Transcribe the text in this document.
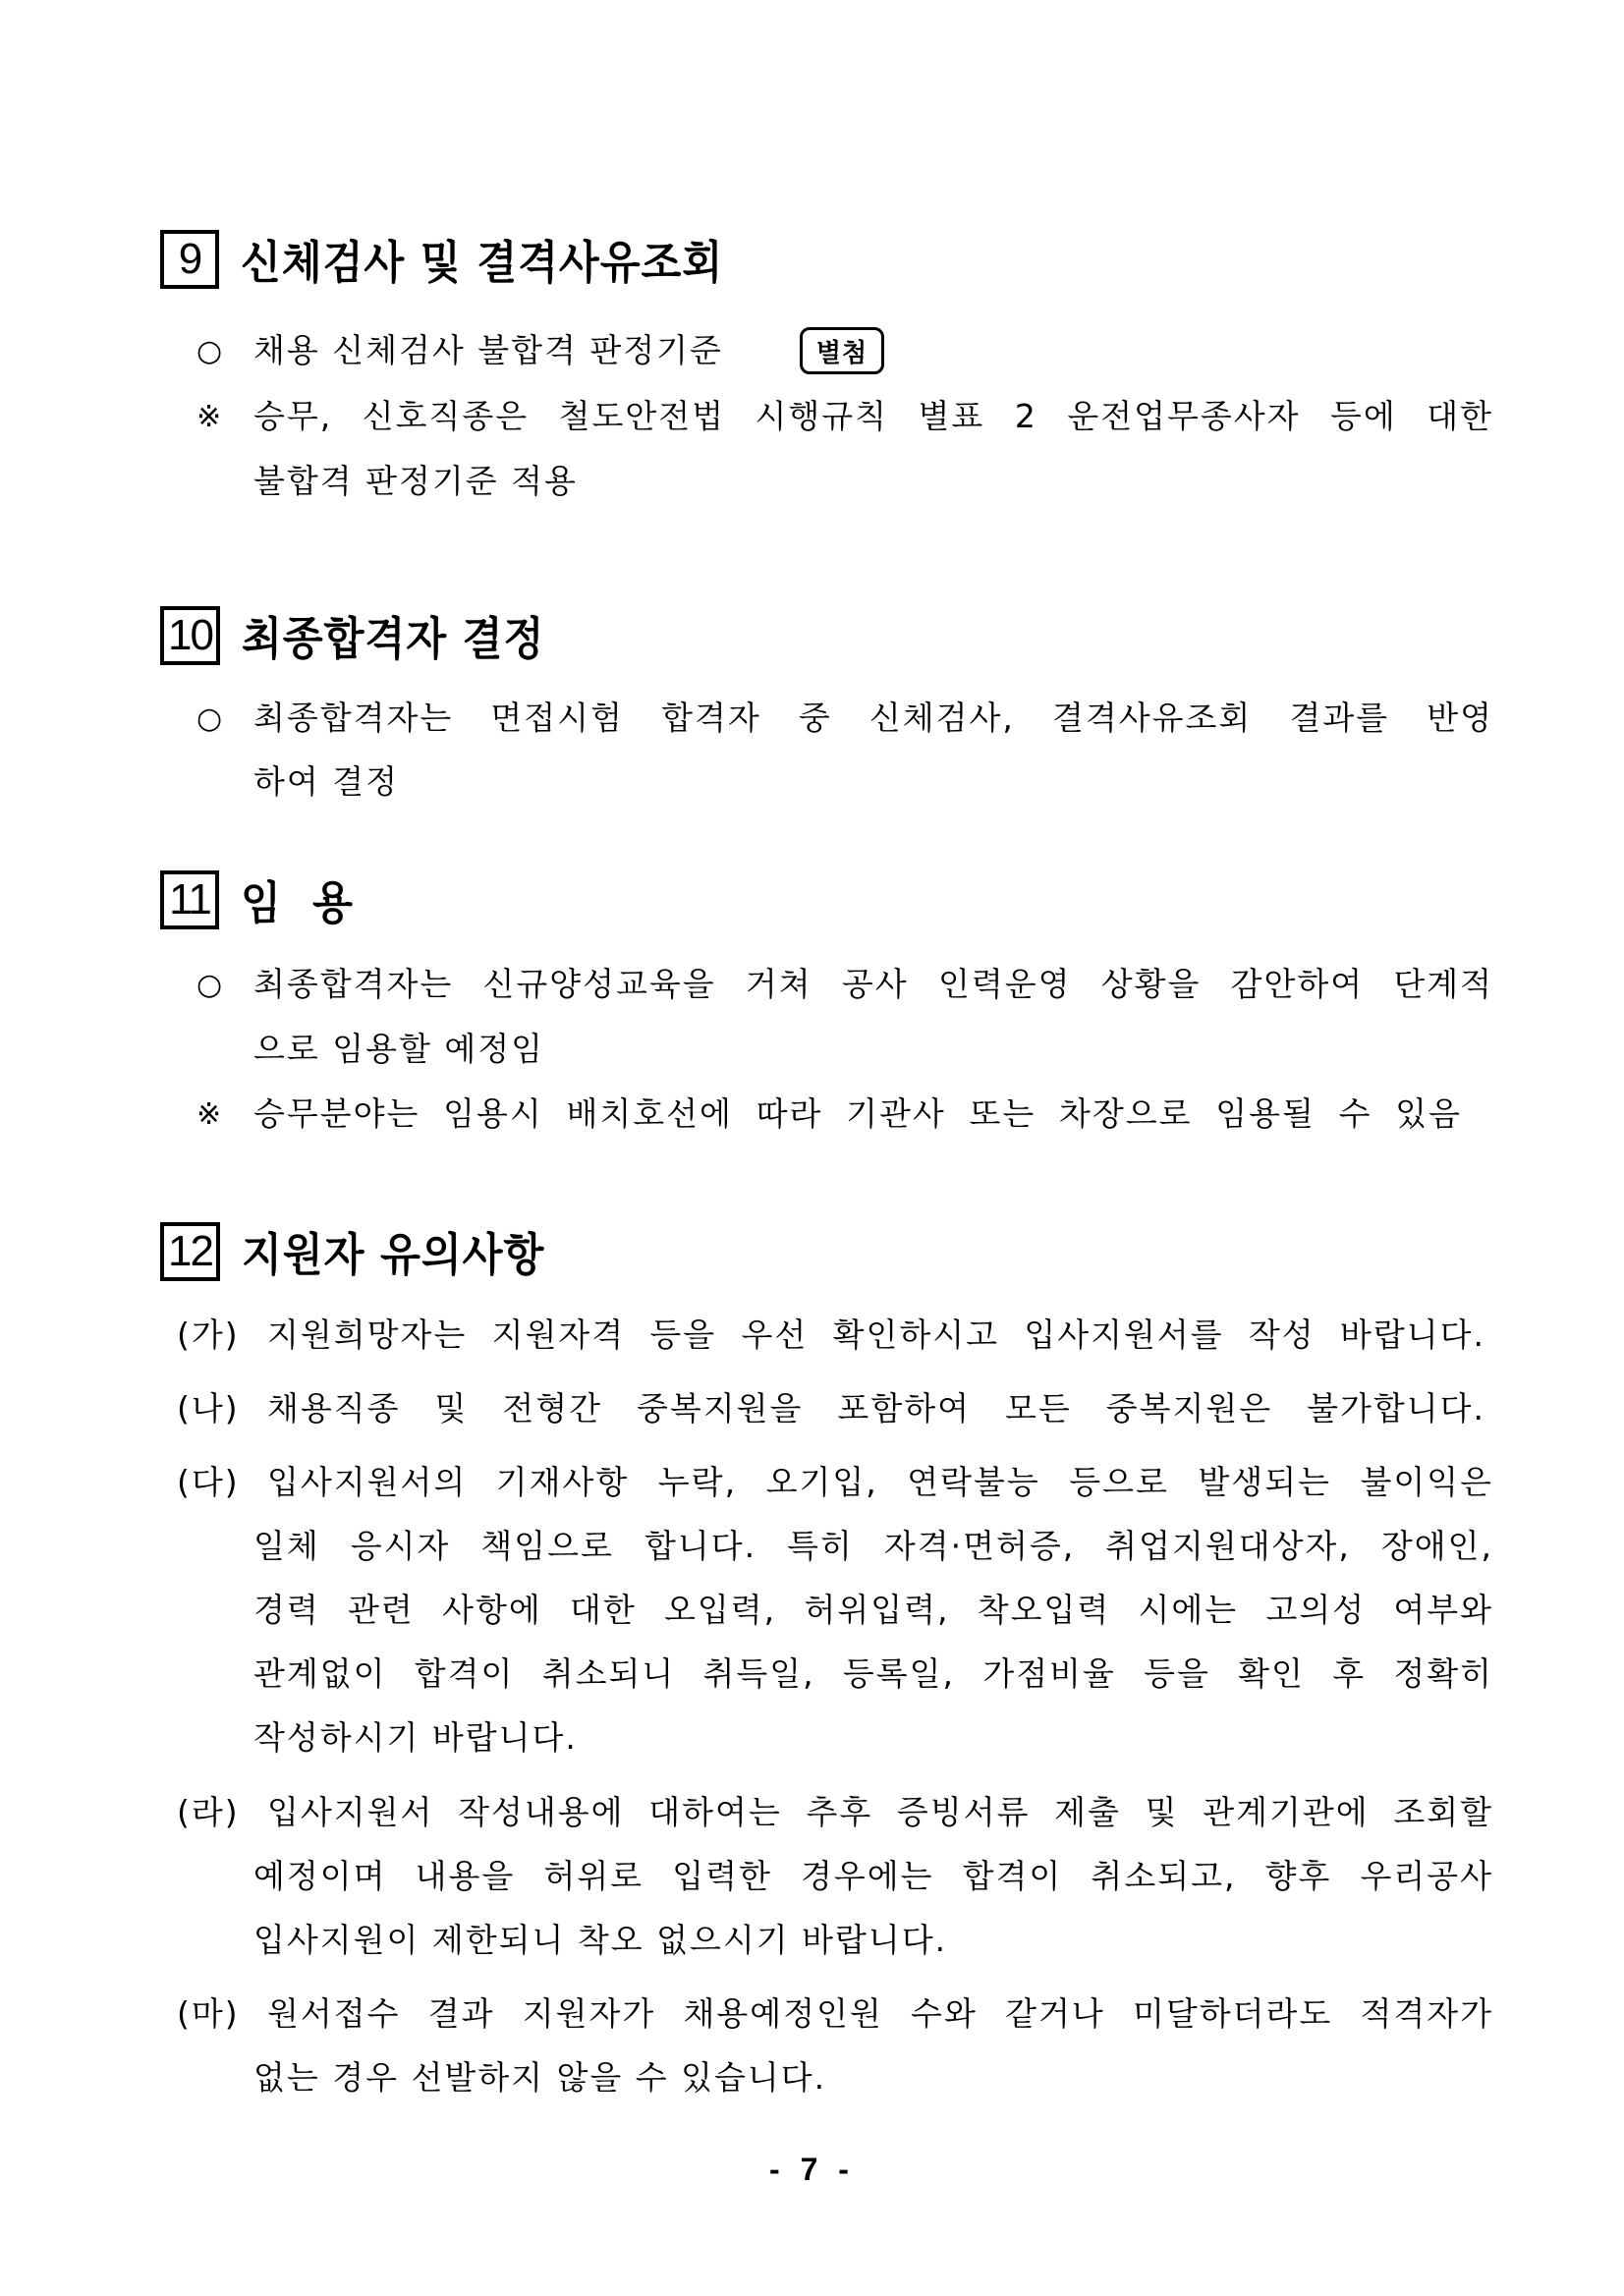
9 신체검사 및 결격사유조회
○ 채용 신체검사 불합격 판정기준	별첨
※ 승무, 신호직종은 철도안전법 시행규칙 별표 2 운전업무종사자 등에 대한
불합격 판정기준 적용
10 최종합격자 결정
○ 최종합격자는 면접시험 합격자 중 신체검사, 결격사유조회 결과를 반영
하여 결정
11 임  용
○ 최종합격자는 신규양성교육을 거쳐 공사 인력운영 상황을 감안하여 단계적
으로 임용할 예정임
※ 승무분야는 임용시 배치호선에 따라 기관사 또는 차장으로 임용될 수 있음
12 지원자 유의사항
(가) 지원희망자는 지원자격 등을 우선 확인하시고 입사지원서를 작성 바랍니다.
(나) 채용직종 및 전형간 중복지원을 포함하여 모든 중복지원은 불가합니다.
(다) 입사지원서의 기재사항 누락, 오기입, 연락불능 등으로 발생되는 불이익은
일체 응시자 책임으로 합니다. 특히 자격·면허증, 취업지원대상자, 장애인,
경력 관련 사항에 대한 오입력, 허위입력, 착오입력 시에는 고의성 여부와
관계없이 합격이 취소되니 취득일, 등록일, 가점비율 등을 확인 후 정확히
작성하시기 바랍니다.
(라) 입사지원서 작성내용에 대하여는 추후 증빙서류 제출 및 관계기관에 조회할
예정이며 내용을 허위로 입력한 경우에는 합격이 취소되고, 향후 우리공사
입사지원이 제한되니 착오 없으시기 바랍니다.
(마) 원서접수 결과 지원자가 채용예정인원 수와 같거나 미달하더라도 적격자가
없는 경우 선발하지 않을 수 있습니다.
- 7 -
